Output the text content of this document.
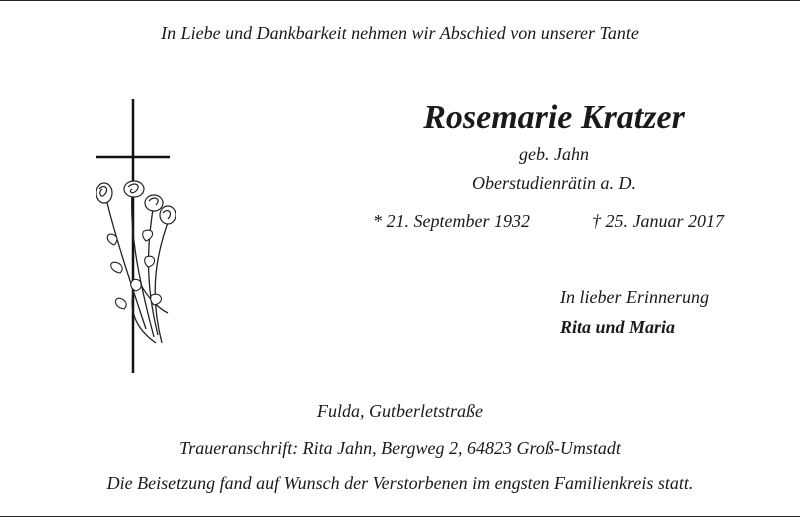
In Liebe und Dankbarkeit nehmen wir Abschied von unserer Tante

Rosemarie Kratzer

geb. Jahn

Oberstudienrätin a. D.

* 21. September 1932	† 25. Januar 2017

In lieber Erinnerung

Rita und Maria

Fulda, Gutberletstraße

Traueranschrift: Rita Jahn, Bergweg 2, 64823 Groß-Umstadt

Die Beisetzung fand auf Wunsch der Verstorbenen im engsten Familienkreis statt.
